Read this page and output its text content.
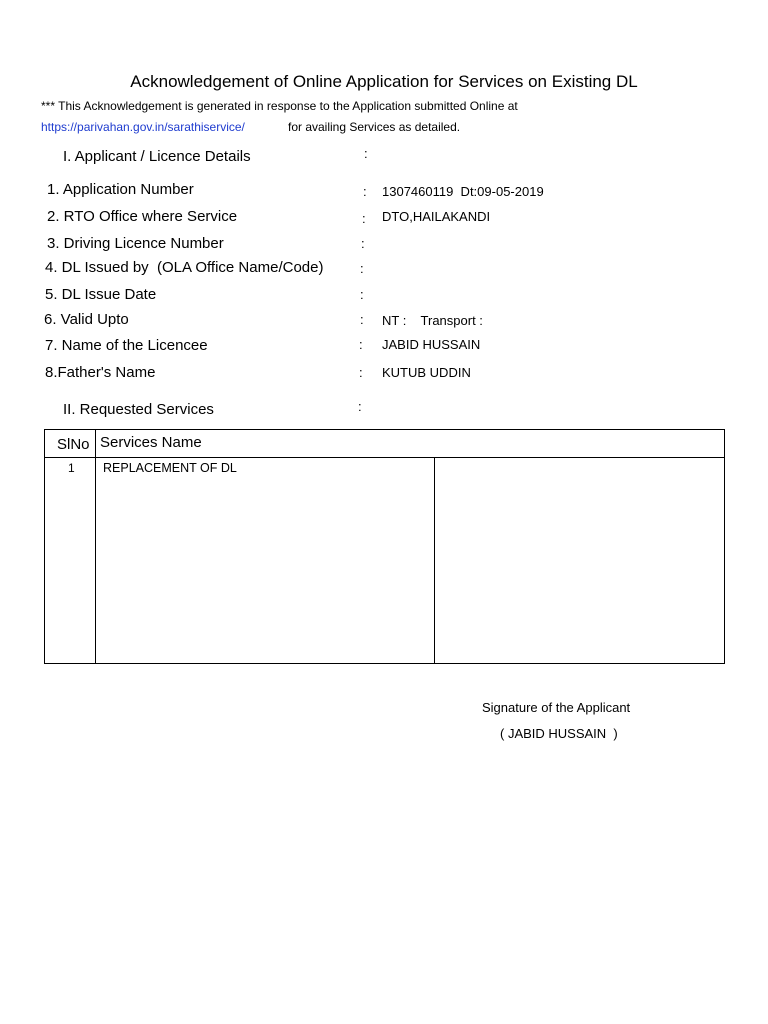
Acknowledgement of Online Application for Services on Existing DL
*** This Acknowledgement is generated in response to the Application submitted Online at
https://parivahan.gov.in/sarathiservice/	for availing Services as detailed.
I. Applicant / Licence Details	:
1. Application Number	: 1307460119  Dt:09-05-2019
2. RTO Office where Service	: DTO,HAILAKANDI
3. Driving Licence Number	:
4. DL Issued by  (OLA Office Name/Code)	:
5. DL Issue Date	:
6. Valid Upto	: NT :    Transport :
7. Name of the Licencee	: JABID HUSSAIN
8.Father's Name	: KUTUB UDDIN
II. Requested Services	:
SlNo Services Name
1 REPLACEMENT OF DL
Signature of the Applicant
( JABID HUSSAIN  )
